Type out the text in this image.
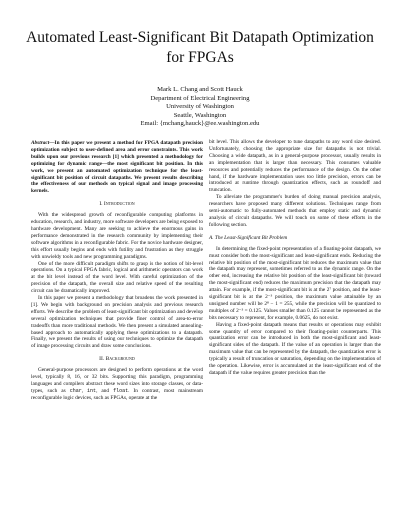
Automated Least-Significant Bit Datapath Optimization for FPGAs
Mark L. Chang and Scott Hauck
Department of Electrical Engineering
University of Washington
Seattle, Washington
Email: {mchang,hauck}@ee.washington.edu

Abstract—In this paper we present a method for FPGA datapath precision optimization subject to user-defined area and error constraints. This work builds upon our previous research [1] which presented a methodology for optimizing for dynamic range—the most significant bit position. In this work, we present an automated optimization technique for the least-significant bit position of circuit datapaths. We present results describing the effectiveness of our methods on typical signal and image processing kernels.

I. Introduction

With the widespread growth of reconfigurable computing platforms in education, research, and industry, more software developers are being exposed to hardware development. Many are seeking to achieve the enormous gains in performance demonstrated in the research community by implementing their software algorithms in a reconfigurable fabric. For the novice hardware designer, this effort usually begins and ends with futility and frustration as they struggle with unwieldy tools and new programming paradigms.

One of the more difficult paradigm shifts to grasp is the notion of bit-level operations. On a typical FPGA fabric, logical and arithmetic operators can work at the bit level instead of the word level. With careful optimization of the precision of the datapath, the overall size and relative speed of the resulting circuit can be dramatically improved.

In this paper we present a methodology that broadens the work presented in [1]. We begin with background on precision analysis and previous research efforts. We describe the problem of least-significant bit optimization and develop several optimization techniques that provide finer control of area-to-error tradeoffs than more traditional methods. We then present a simulated annealing-based approach to automatically applying these optimizations to a datapath. Finally, we present the results of using our techniques to optimize the datapath of image processing circuits and draw some conclusions.

II. Background

General-purpose processors are designed to perform operations at the word level, typically 8, 16, or 32 bits. Supporting this paradigm, programming languages and compilers abstract these word sizes into storage classes, or data-types, such as char, int, and float. In contrast, most mainstream reconfigurable logic devices, such as FPGAs, operate at the

bit level. This allows the developer to tune datapaths to any word size desired. Unfortunately, choosing the appropriate size for datapaths is not trivial. Choosing a wide datapath, as in a general-purpose processor, usually results in an implementation that is larger than necessary. This consumes valuable resources and potentially reduces the performance of the design. On the other hand, if the hardware implementation uses too little precision, errors can be introduced at runtime through quantization effects, such as roundoff and truncation.

To alleviate the programmer's burden of doing manual precision analysis, researchers have proposed many different solutions. Techniques range from semi-automatic to fully-automated methods that employ static and dynamic analysis of circuit datapaths. We will touch on some of these efforts in the following section.

A. The Least-Significant Bit Problem

In determining the fixed-point representation of a floating-point datapath, we must consider both the most-significant and least-significant ends. Reducing the relative bit position of the most-significant bit reduces the maximum value that the datapath may represent, sometimes referred to as the dynamic range. On the other end, increasing the relative bit position of the least-significant bit (toward the most-significant end) reduces the maximum precision that the datapath may attain. For example, if the most-significant bit is at the 2⁷ position, and the least-significant bit is at the 2⁻³ position, the maximum value attainable by an unsigned number will be 2⁸ − 1 = 255, while the precision will be quantized to multiples of 2⁻³ = 0.125. Values smaller than 0.125 cannot be represented as the bits necessary to represent, for example, 0.0625, do not exist.

Having a fixed-point datapath means that results or operations may exhibit some quantity of error compared to their floating-point counterparts. This quantization error can be introduced in both the most-significant and least-significant sides of the datapath. If the value of an operation is larger than the maximum value that can be represented by the datapath, the quantization error is typically a result of truncation or saturation, depending on the implementation of the operation. Likewise, error is accumulated at the least-significant end of the datapath if the value requires greater precision than the
